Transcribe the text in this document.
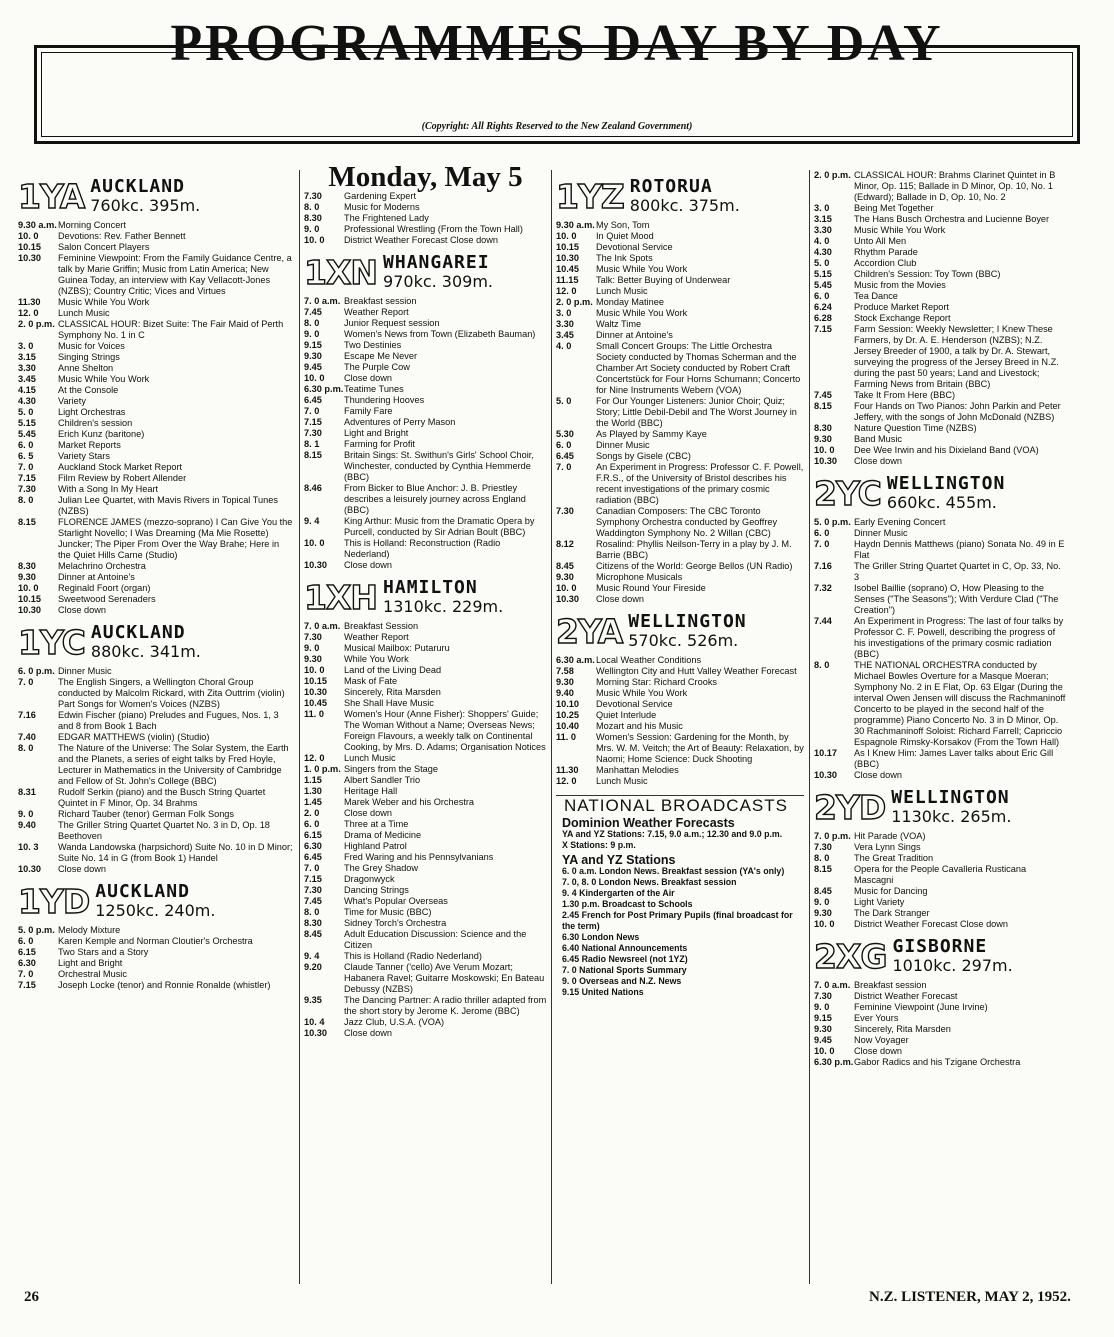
PROGRAMMES DAY BY DAY
(Copyright: All Rights Reserved to the New Zealand Government)
1YA AUCKLAND
760kc. 395m.
9.30 a.m. Morning Concert
10. 0	Devotions: Rev. Father Bennett
10.15	Salon Concert Players
10.30	Feminine Viewpoint: From the Family Guidance Centre, a talk by Marie Griffin; Music from Latin America; New Guinea Today, an interview with Kay Vellacott-Jones (NZBS); Country Critic; Vices and Virtues
11.30	Music While You Work
12. 0	Lunch Music
2. 0 p.m. CLASSICAL HOUR: Bizet Suite: The Fair Maid of Perth Symphony No. 1 in C
3. 0	Music for Voices
3.15	Singing Strings
3.30	Anne Shelton
3.45	Music While You Work
4.15	At the Console
4.30	Variety
5. 0	Light Orchestras
5.15	Children's session
5.45	Erich Kunz (baritone)
6. 0	Market Reports
6. 5	Variety Stars
7. 0	Auckland Stock Market Report
7.15	Film Review by Robert Allender
7.30	With a Song In My Heart
8. 0	Julian Lee Quartet, with Mavis Rivers in Topical Tunes (NZBS)
8.15	FLORENCE JAMES (mezzo-soprano) I Can Give You the Starlight Novello; I Was Dreaming (Ma Mie Rosette) Juncker; The Piper From Over the Way Brahe; Here in the Quiet Hills Carne (Studio)
8.30	Melachrino Orchestra
9.30	Dinner at Antoine's
10. 0	Reginald Foort (organ)
10.15	Sweetwood Serenaders
10.30	Close down
1YC AUCKLAND
880kc. 341m.
6. 0 p.m. Dinner Music
7. 0	The English Singers, a Wellington Choral Group conducted by Malcolm Rickard, with Zita Outtrim (violin) Part Songs for Women's Voices (NZBS)
7.16	Edwin Fischer (piano) Preludes and Fugues, Nos. 1, 3 and 8 from Book 1 Bach
7.40	EDGAR MATTHEWS (violin) (Studio)
8. 0	The Nature of the Universe: The Solar System, the Earth and the Planets, a series of eight talks by Fred Hoyle, Lecturer in Mathematics in the University of Cambridge and Fellow of St. John's College (BBC)
8.31	Rudolf Serkin (piano) and the Busch String Quartet Quintet in F Minor, Op. 34 Brahms
9. 0	Richard Tauber (tenor) German Folk Songs
9.40	The Griller String Quartet Quartet No. 3 in D, Op. 18 Beethoven
10. 3	Wanda Landowska (harpsichord) Suite No. 10 in D Minor; Suite No. 14 in G (from Book 1) Handel
10.30	Close down
1YD AUCKLAND
1250kc. 240m.
5. 0 p.m. Melody Mixture
6. 0	Karen Kemple and Norman Cloutier's Orchestra
6.15	Two Stars and a Story
6.30	Light and Bright
7. 0	Orchestral Music
7.15	Joseph Locke (tenor) and Ronnie Ronalde (whistler)
Monday, May 5
7.30	Gardening Expert
8. 0	Music for Moderns
8.30	The Frightened Lady
9. 0	Professional Wrestling (From the Town Hall)
10. 0	District Weather Forecast Close down
1XN WHANGAREI
970kc. 309m.
7. 0 a.m. Breakfast session
7.45	Weather Report
8. 0	Junior Request session
9. 0	Women's News from Town (Elizabeth Bauman)
9.15	Two Destinies
9.30	Escape Me Never
9.45	The Purple Cow
10. 0	Close down
6.30 p.m. Teatime Tunes
6.45	Thundering Hooves
7. 0	Family Fare
7.15	Adventures of Perry Mason
7.30	Light and Bright
8. 1	Farming for Profit
8.15	Britain Sings: St. Swithun's Girls' School Choir, Winchester, conducted by Cynthia Hemmerde (BBC)
8.46	From Bicker to Blue Anchor: J. B. Priestley describes a leisurely journey across England (BBC)
9. 4	King Arthur: Music from the Dramatic Opera by Purcell, conducted by Sir Adrian Boult (BBC)
10. 0	This is Holland: Reconstruction (Radio Nederland)
10.30	Close down
1XH HAMILTON
1310kc. 229m.
7. 0 a.m. Breakfast Session
7.30	Weather Report
9. 0	Musical Mailbox: Putaruru
9.30	While You Work
10. 0	Land of the Living Dead
10.15	Mask of Fate
10.30	Sincerely, Rita Marsden
10.45	She Shall Have Music
11. 0	Women's Hour (Anne Fisher): Shoppers' Guide; The Woman Without a Name; Overseas News; Foreign Flavours, a weekly talk on Continental Cooking, by Mrs. D. Adams; Organisation Notices
12. 0	Lunch Music
1. 0 p.m. Singers from the Stage
1.15	Albert Sandler Trio
1.30	Heritage Hall
1.45	Marek Weber and his Orchestra
2. 0	Close down
6. 0	Three at a Time
6.15	Drama of Medicine
6.30	Highland Patrol
6.45	Fred Waring and his Pennsylvanians
7. 0	The Grey Shadow
7.15	Dragonwyck
7.30	Dancing Strings
7.45	What's Popular Overseas
8. 0	Time for Music (BBC)
8.30	Sidney Torch's Orchestra
8.45	Adult Education Discussion: Science and the Citizen
9. 4	This is Holland (Radio Nederland)
9.20	Claude Tanner ('cello) Ave Verum Mozart; Habanera Ravel; Guitarre Moskowski; En Bateau Debussy (NZBS)
9.35	The Dancing Partner: A radio thriller adapted from the short story by Jerome K. Jerome (BBC)
10. 4	Jazz Club, U.S.A. (VOA)
10.30	Close down
1YZ ROTORUA
800kc. 375m.
9.30 a.m. My Son, Tom
10. 0	In Quiet Mood
10.15	Devotional Service
10.30	The Ink Spots
10.45	Music While You Work
11.15	Talk: Better Buying of Underwear
12. 0	Lunch Music
2. 0 p.m. Monday Matinee
3. 0	Music While You Work
3.30	Waltz Time
3.45	Dinner at Antoine's
4. 0	Small Concert Groups: The Little Orchestra Society conducted by Thomas Scherman and the Chamber Art Society conducted by Robert Craft Concertstück for Four Horns Schumann; Concerto for Nine Instruments Webern (VOA)
5. 0	For Our Younger Listeners: Junior Choir; Quiz; Story; Little Debil-Debil and The Worst Journey in the World (BBC)
5.30	As Played by Sammy Kaye
6. 0	Dinner Music
6.45	Songs by Gisele (CBC)
7. 0	An Experiment in Progress: Professor C. F. Powell, F.R.S., of the University of Bristol describes his recent investigations of the primary cosmic radiation (BBC)
7.30	Canadian Composers: The CBC Toronto Symphony Orchestra conducted by Geoffrey Waddington Symphony No. 2 Willan (CBC)
8.12	Rosalind: Phyllis Neilson-Terry in a play by J. M. Barrie (BBC)
8.45	Citizens of the World: George Bellos (UN Radio)
9.30	Microphone Musicals
10. 0	Music Round Your Fireside
10.30	Close down
2YA WELLINGTON
570kc. 526m.
6.30 a.m. Local Weather Conditions
7.58	Wellington City and Hutt Valley Weather Forecast
9.30	Morning Star: Richard Crooks
9.40	Music While You Work
10.10	Devotional Service
10.25	Quiet Interlude
10.40	Mozart and his Music
11. 0	Women's Session: Gardening for the Month, by Mrs. W. M. Veitch; the Art of Beauty: Relaxation, by Naomi; Home Science: Duck Shooting
11.30	Manhattan Melodies
12. 0	Lunch Music
NATIONAL BROADCASTS
Dominion Weather Forecasts
YA and YZ Stations: 7.15, 9.0 a.m.; 12.30 and 9.0 p.m.
X Stations: 9 p.m.
YA and YZ Stations
6. 0 a.m. London News. Breakfast session (YA's only)
7. 0, 8. 0 London News. Breakfast session
9. 4 Kindergarten of the Air
1.30 p.m. Broadcast to Schools
2.45 French for Post Primary Pupils (final broadcast for the term)
6.30 London News
6.40 National Announcements
6.45 Radio Newsreel (not 1YZ)
7. 0 National Sports Summary
9. 0 Overseas and N.Z. News
9.15 United Nations
2. 0 p.m. CLASSICAL HOUR: Brahms Clarinet Quintet in B Minor, Op. 115; Ballade in D Minor, Op. 10, No. 1 (Edward); Ballade in D, Op. 10, No. 2
3. 0	Being Met Together
3.15	The Hans Busch Orchestra and Lucienne Boyer
3.30	Music While You Work
4. 0	Unto All Men
4.30	Rhythm Parade
5. 0	Accordion Club
5.15	Children's Session: Toy Town (BBC)
5.45	Music from the Movies
6. 0	Tea Dance
6.24	Produce Market Report
6.28	Stock Exchange Report
7.15	Farm Session: Weekly Newsletter; I Knew These Farmers, by Dr. A. E. Henderson (NZBS); N.Z. Jersey Breeder of 1900, a talk by Dr. A. Stewart, surveying the progress of the Jersey Breed in N.Z. during the past 50 years; Land and Livestock; Farming News from Britain (BBC)
7.45	Take It From Here (BBC)
8.15	Four Hands on Two Pianos: John Parkin and Peter Jeffery, with the songs of John McDonald (NZBS)
8.30	Nature Question Time (NZBS)
9.30	Band Music
10. 0	Dee Wee Irwin and his Dixieland Band (VOA)
10.30	Close down
2YC WELLINGTON
660kc. 455m.
5. 0 p.m. Early Evening Concert
6. 0	Dinner Music
7. 0	Haydn Dennis Matthews (piano) Sonata No. 49 in E Flat
7.16	The Griller String Quartet Quartet in C, Op. 33, No. 3
7.32	Isobel Baillie (soprano) O, How Pleasing to the Senses ("The Seasons"); With Verdure Clad ("The Creation")
7.44	An Experiment in Progress: The last of four talks by Professor C. F. Powell, describing the progress of his investigations of the primary cosmic radiation (BBC)
8. 0	THE NATIONAL ORCHESTRA conducted by Michael Bowles Overture for a Masque Moeran; Symphony No. 2 in E Flat, Op. 63 Elgar (During the interval Owen Jensen will discuss the Rachmaninoff Concerto to be played in the second half of the programme) Piano Concerto No. 3 in D Minor, Op. 30 Rachmaninoff Soloist: Richard Farrell; Capriccio Espagnole Rimsky-Korsakov (From the Town Hall)
10.17	As I Knew Him: James Laver talks about Eric Gill (BBC)
10.30	Close down
2YD WELLINGTON
1130kc. 265m.
7. 0 p.m. Hit Parade (VOA)
7.30	Vera Lynn Sings
8. 0	The Great Tradition
8.15	Opera for the People Cavalleria Rusticana Mascagni
8.45	Music for Dancing
9. 0	Light Variety
9.30	The Dark Stranger
10. 0	District Weather Forecast Close down
2XG GISBORNE
1010kc. 297m.
7. 0 a.m. Breakfast session
7.30	District Weather Forecast
9. 0	Feminine Viewpoint (June Irvine)
9.15	Ever Yours
9.30	Sincerely, Rita Marsden
9.45	Now Voyager
10. 0	Close down
6.30 p.m. Gabor Radics and his Tzigane Orchestra
26	N.Z. LISTENER, MAY 2, 1952.
